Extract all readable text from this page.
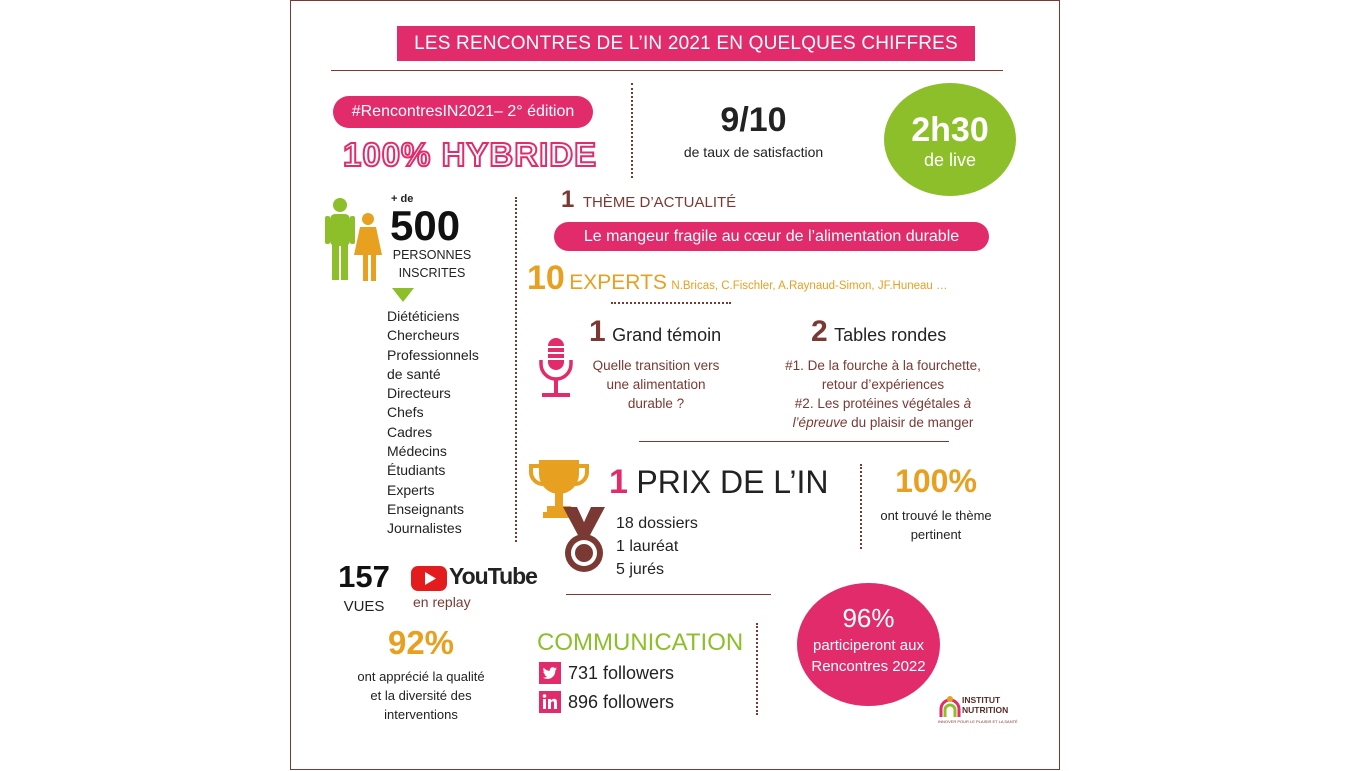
LES RENCONTRES DE L’IN 2021 EN QUELQUES CHIFFRES
#RencontresIN2021– 2° édition
100% HYBRIDE
9/10
de taux de satisfaction
2h30
de live
+ de
500
PERSONNES
INSCRITES
Diététiciens
Chercheurs
Professionnels
de santé
Directeurs
Chefs
Cadres
Médecins
Étudiants
Experts
Enseignants
Journalistes
1 THÈME D’ACTUALITÉ
Le mangeur fragile au cœur de l’alimentation durable
10 EXPERTS N.Bricas, C.Fischler, A.Raynaud-Simon, JF.Huneau …
1 Grand témoin
Quelle transition vers
une alimentation
durable ?
2 Tables rondes
#1. De la fourche à la fourchette,
retour d’expériences
#2. Les protéines végétales à
l’épreuve du plaisir de manger
1 PRIX DE L’IN
18 dossiers
1 lauréat
5 jurés
100%
ont trouvé le thème
pertinent
157
VUES
YouTube
en replay
92%
ont apprécié la qualité
et la diversité des
interventions
COMMUNICATION
731 followers
896 followers
96%
participeront aux
Rencontres 2022
INSTITUT
NUTRITION
INNOVER POUR LE PLAISIR ET LA SANTÉ
